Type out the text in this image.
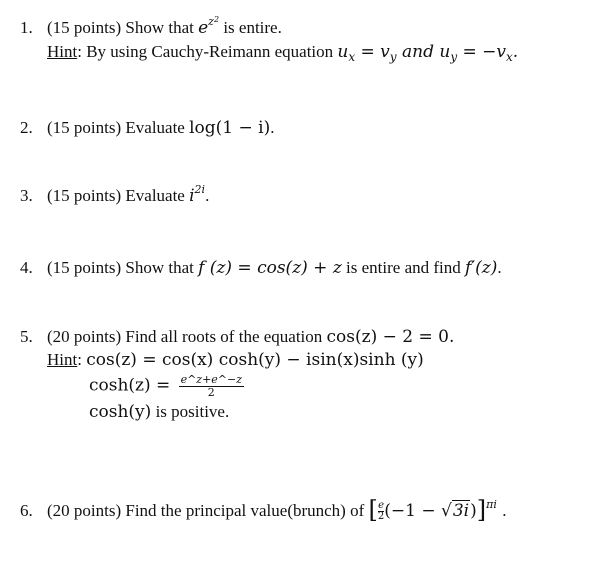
1. (15 points) Show that $e^{z^2}$ is entire.
Hint: By using Cauchy-Reimann equation $u_x = v_y$ and $u_y = -v_x$.
2. (15 points) Evaluate log(1 − i).
3. (15 points) Evaluate $i^{2i}$.
4. (15 points) Show that f (z) = cos(z) + z is entire and find f′(z).
5. (20 points) Find all roots of the equation cos(z) − 2 = 0.
Hint: cos(z) = cos(x) cosh(y) − isin(x)sinh (y)
$\cosh(z) = \frac{e\^{}z+e\^{}-z}{2}$
cosh(y) is positive.
6. (20 points) Find the principal value(brunch) of [ $\frac{e}{2} (-1 - √3i)]^{\pi i}$ .
